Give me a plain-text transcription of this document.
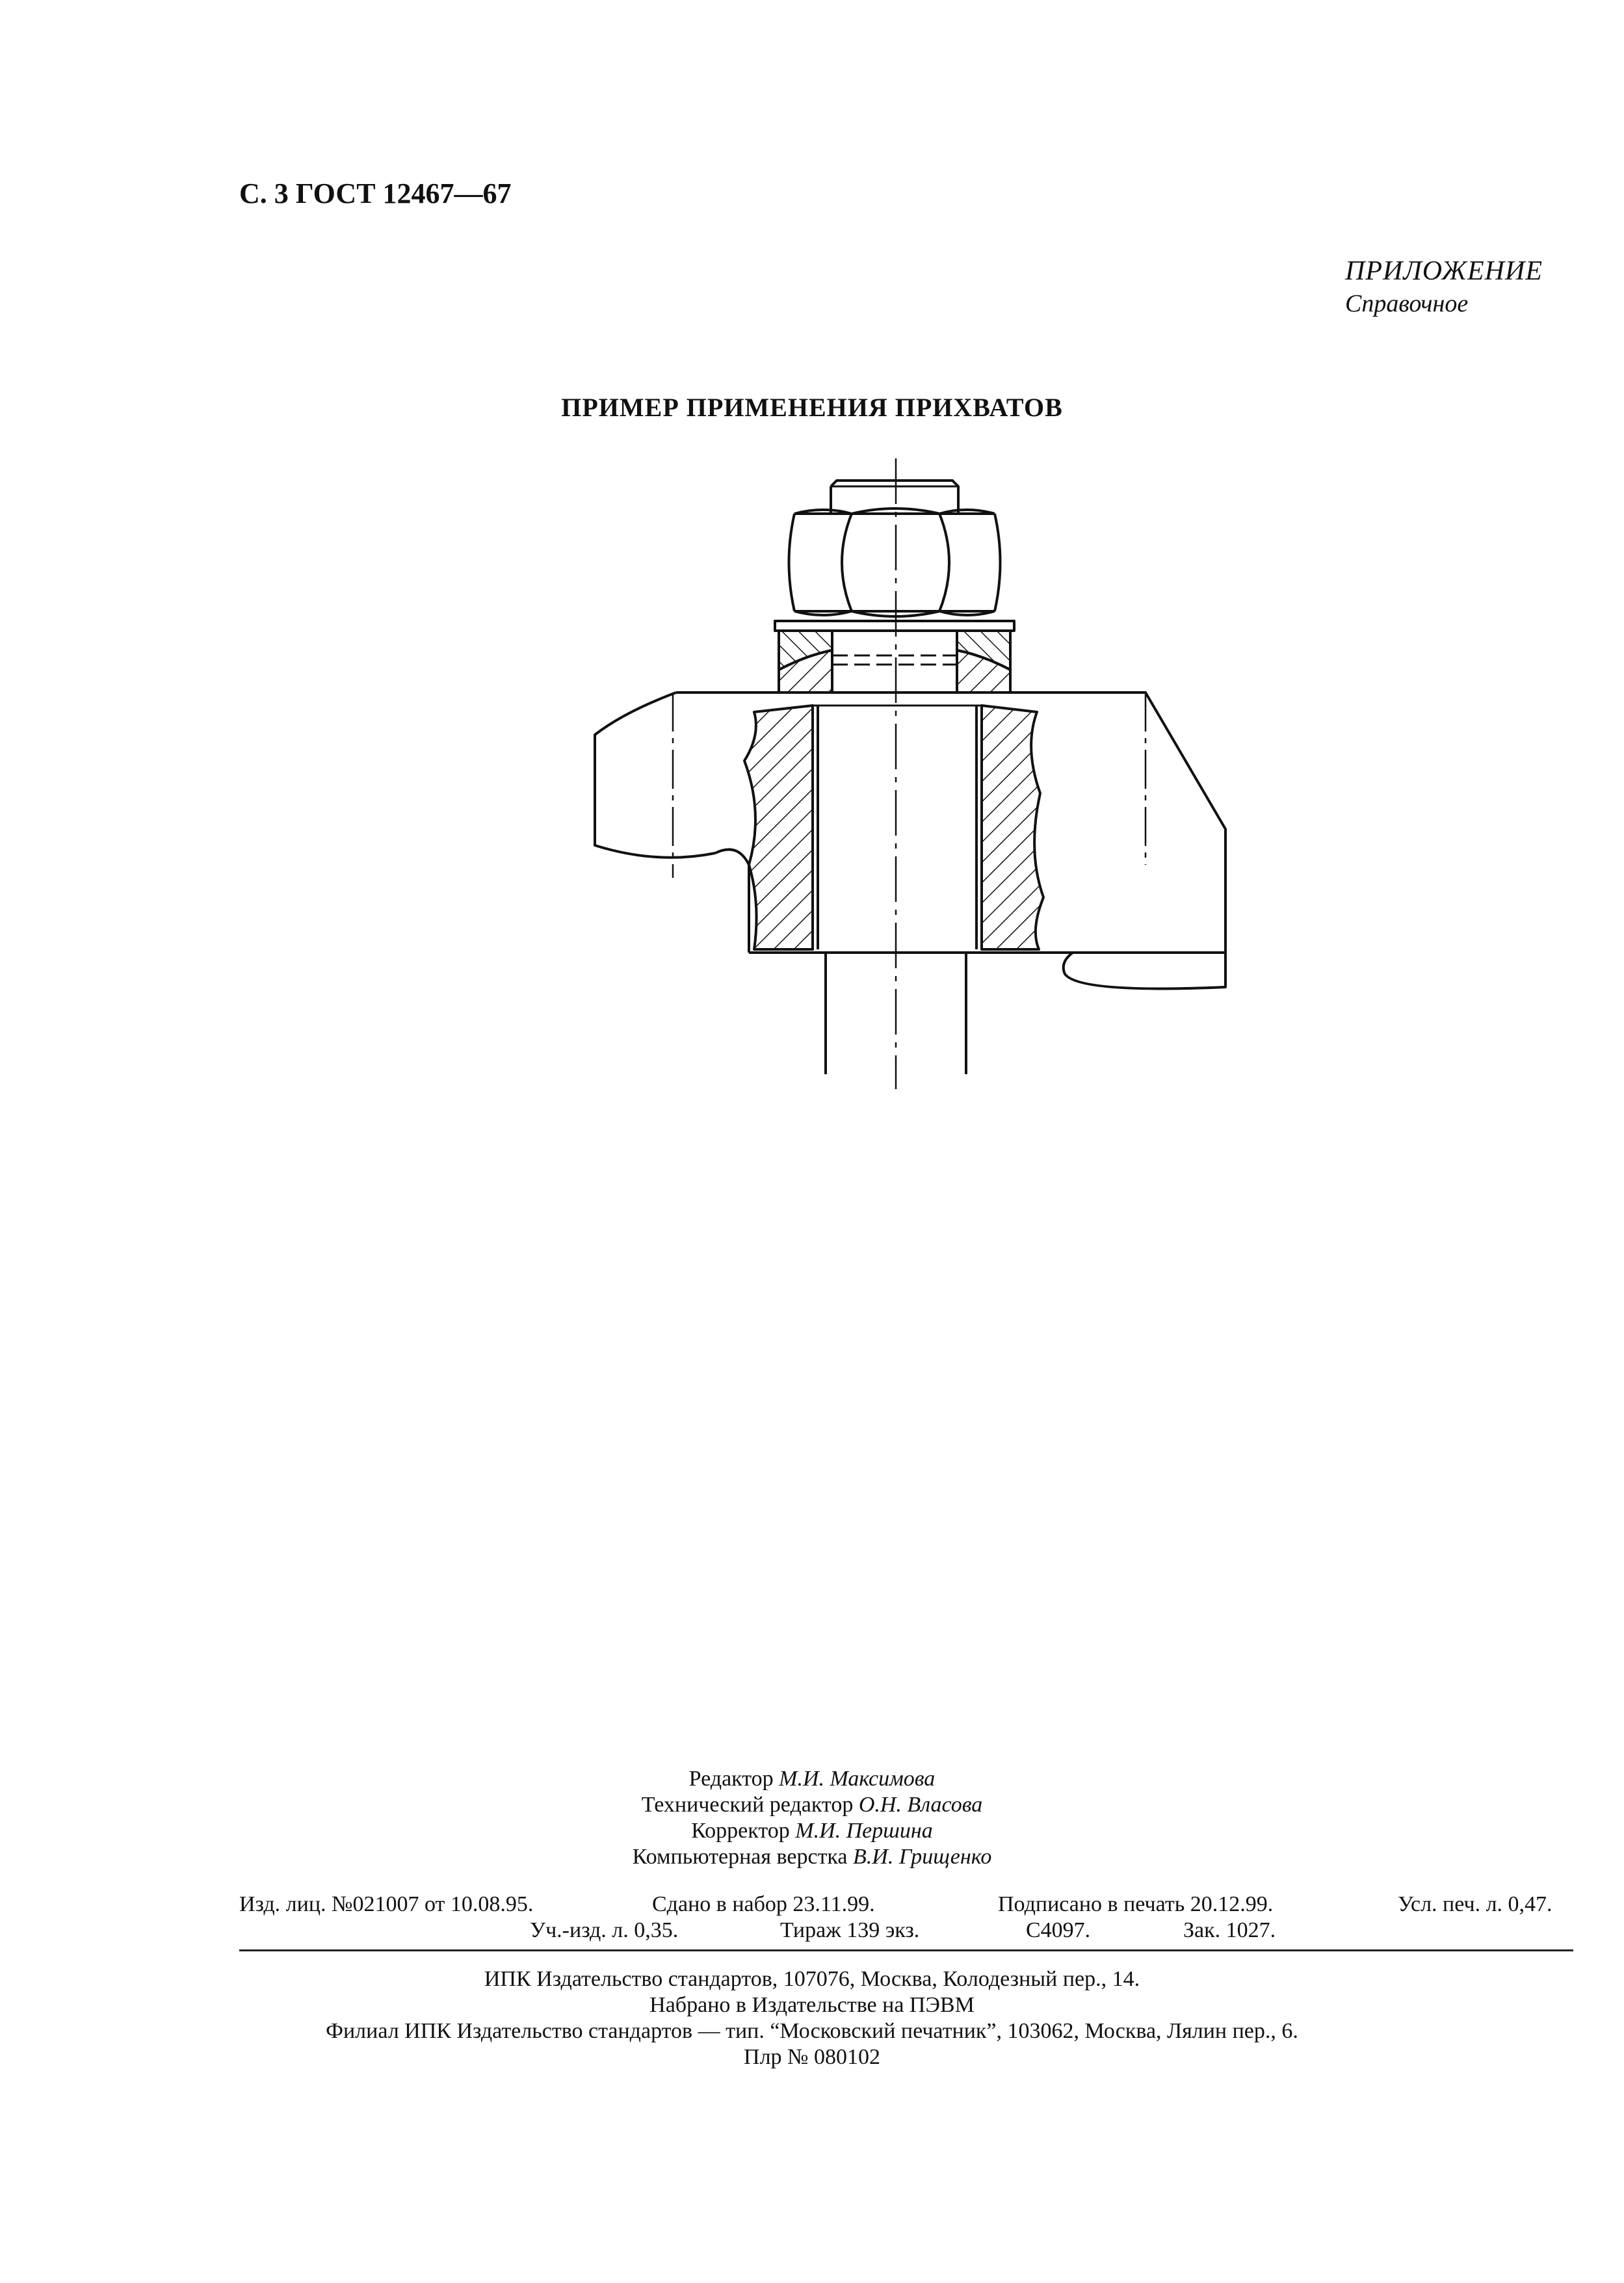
С. 3 ГОСТ 12467—67
ПРИЛОЖЕНИЕ
Справочное
ПРИМЕР ПРИМЕНЕНИЯ ПРИХВАТОВ
Редактор М.И. Максимова
Технический редактор О.Н. Власова
Корректор М.И. Першина
Компьютерная верстка В.И. Грищенко
Изд. лиц. №021007 от 10.08.95.	Сдано в набор 23.11.99.	Подписано в печать 20.12.99.	Усл. печ. л. 0,47.
Уч.-изд. л. 0,35.	Тираж 139 экз.	С4097.	Зак. 1027.
ИПК Издательство стандартов, 107076, Москва, Колодезный пер., 14.
Набрано в Издательстве на ПЭВМ
Филиал ИПК Издательство стандартов — тип. “Московский печатник”, 103062, Москва, Лялин пер., 6.
Плр № 080102
